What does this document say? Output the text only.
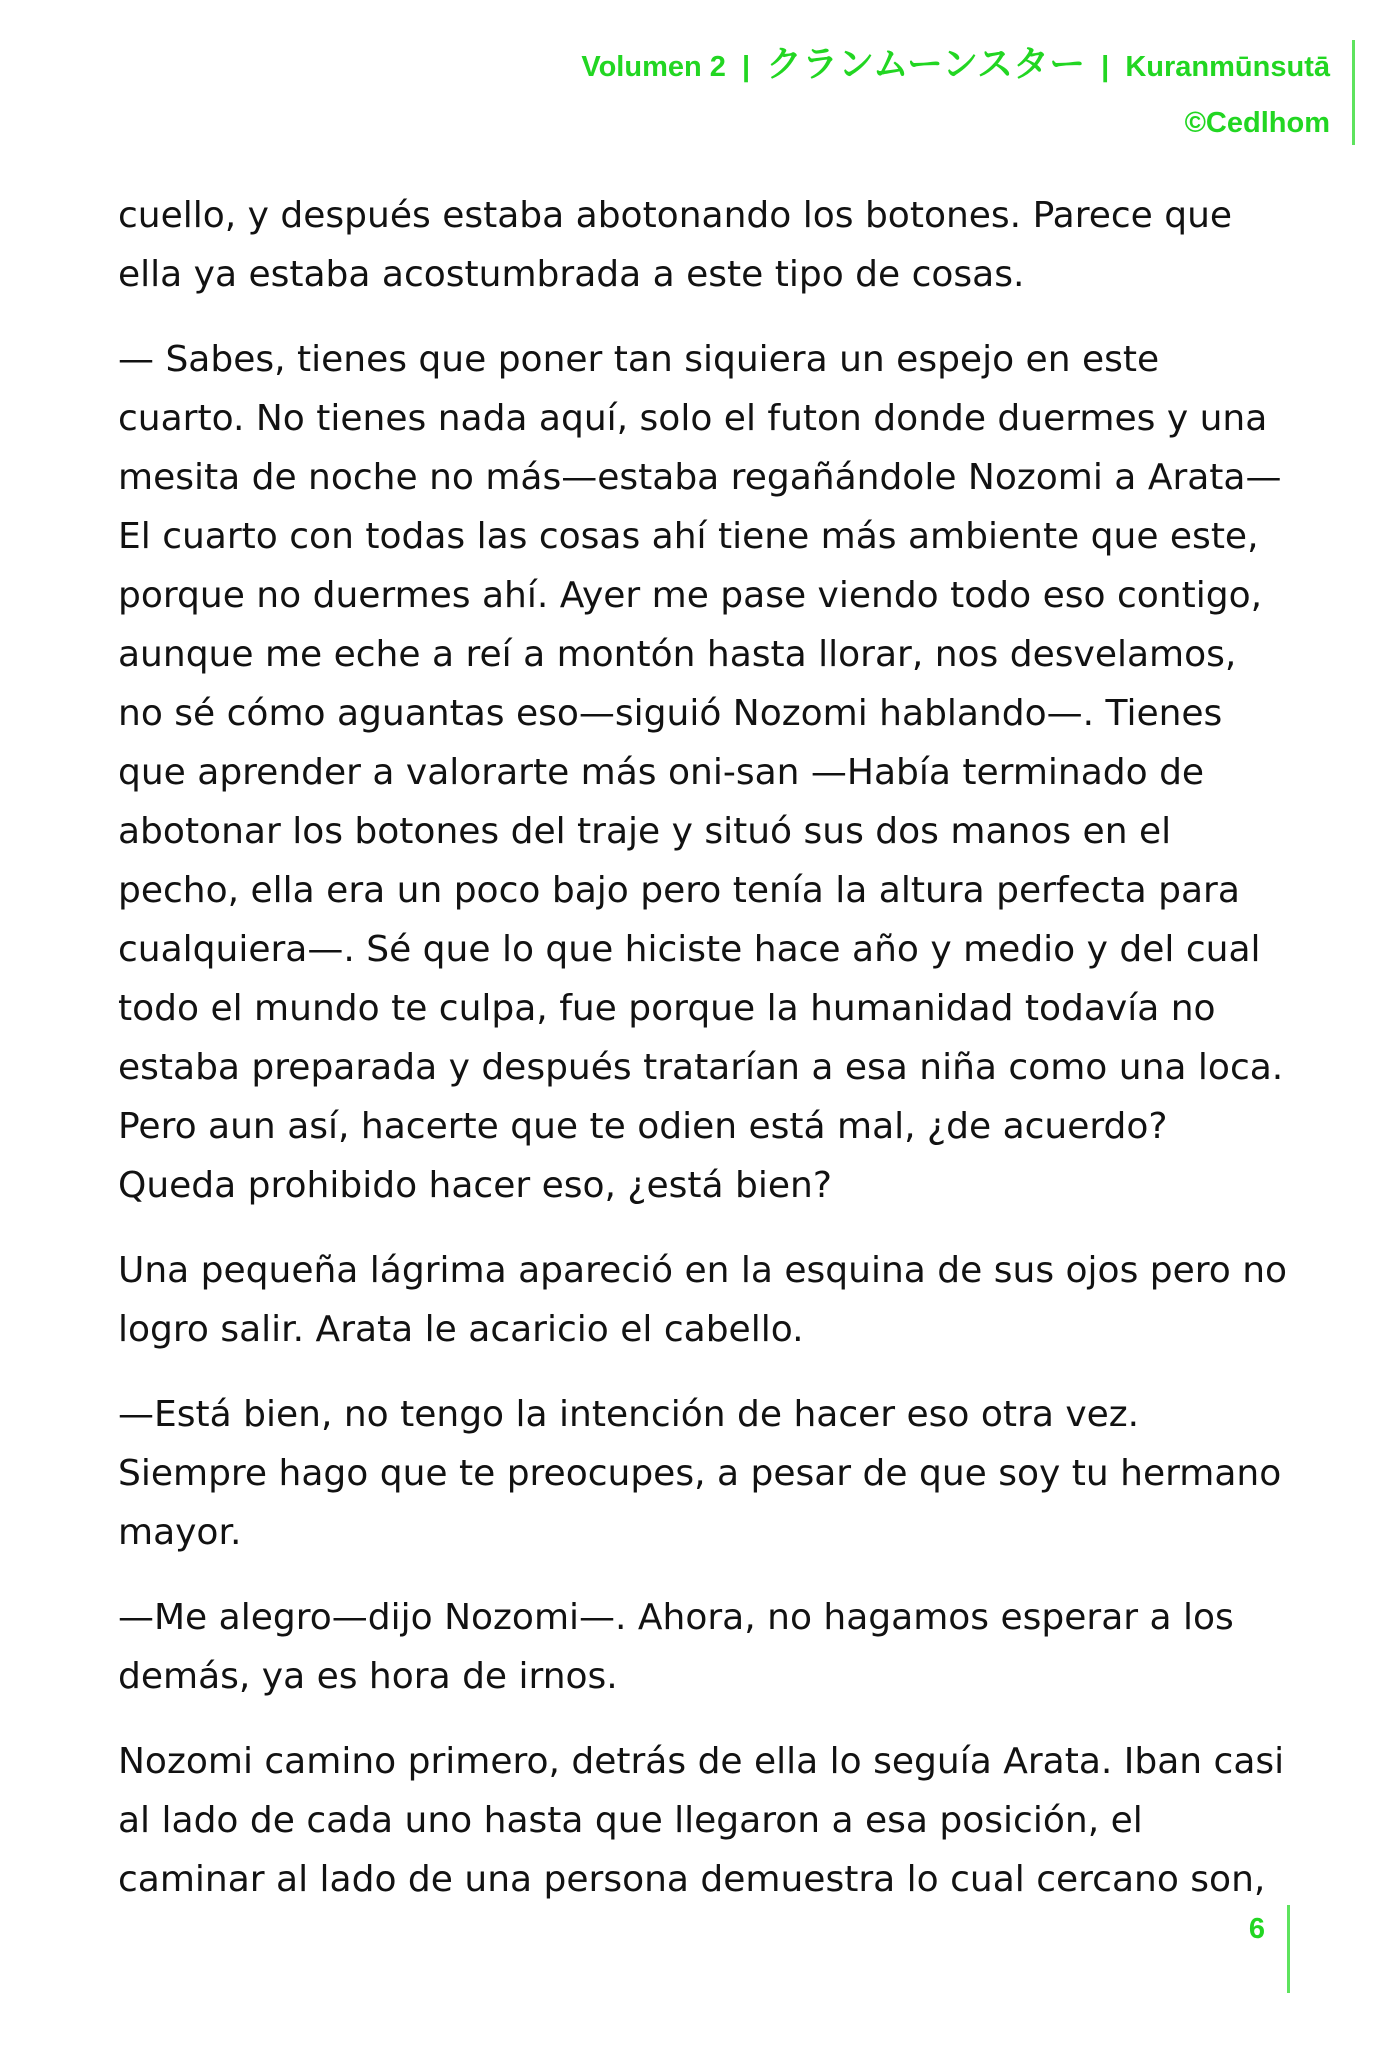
Volumen 2 | クランムーンスター | Kuranmūnsutā
©Cedlhom

cuello, y después estaba abotonando los botones. Parece que ella ya estaba acostumbrada a este tipo de cosas.

— Sabes, tienes que poner tan siquiera un espejo en este cuarto. No tienes nada aquí, solo el futon donde duermes y una mesita de noche no más—estaba regañándole Nozomi a Arata—El cuarto con todas las cosas ahí tiene más ambiente que este, porque no duermes ahí. Ayer me pase viendo todo eso contigo, aunque me eche a reí a montón hasta llorar, nos desvelamos, no sé cómo aguantas eso—siguió Nozomi hablando—. Tienes que aprender a valorarte más oni-san —Había terminado de abotonar los botones del traje y situó sus dos manos en el pecho, ella era un poco bajo pero tenía la altura perfecta para cualquiera—. Sé que lo que hiciste hace año y medio y del cual todo el mundo te culpa, fue porque la humanidad todavía no estaba preparada y después tratarían a esa niña como una loca. Pero aun así, hacerte que te odien está mal, ¿de acuerdo? Queda prohibido hacer eso, ¿está bien?

Una pequeña lágrima apareció en la esquina de sus ojos pero no logro salir. Arata le acaricio el cabello.

—Está bien, no tengo la intención de hacer eso otra vez. Siempre hago que te preocupes, a pesar de que soy tu hermano mayor.

—Me alegro—dijo Nozomi—. Ahora, no hagamos esperar a los demás, ya es hora de irnos.

Nozomi camino primero, detrás de ella lo seguía Arata. Iban casi al lado de cada uno hasta que llegaron a esa posición, el caminar al lado de una persona demuestra lo cual cercano son,

6
